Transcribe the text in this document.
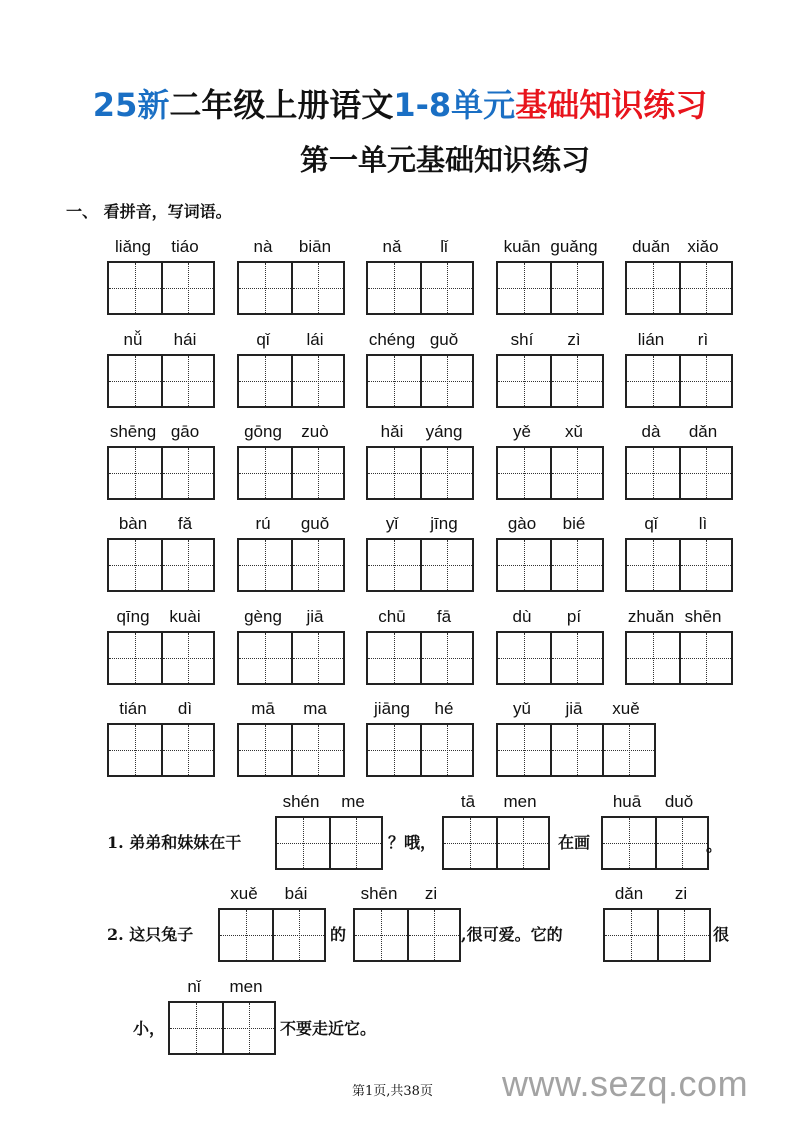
25新二年级上册语文1-8单元基础知识练习
第一单元基础知识练习
一、 看拼音，写词语。
liǎng	tiáo	nà	biān	nǎ	lǐ	kuān guǎng	duǎn	xiǎo
nǚ	hái	qǐ	lái	chéng guǒ	shí	zì	lián	rì
shēng gāo	gōng	zuò	hǎi	yáng	yě	xǔ	dà	dǎn
bàn	fǎ	rú	guǒ	yǐ	jīng	gào	bié	qǐ	lì
qīng	kuài	gèng	jiā	chū	fā	dù	pí	zhuǎn shēn
tián	dì	mā	ma	jiāng	hé	yǔ	jiā	xuě
1. 弟弟和妹妹在干
shén	me
？哦，
tā	men
在画
huā	duǒ
。
2. 这只兔子
xuě	bái
的
shēn	zi
,很可爱。它的
dǎn	zi
很
小，
nǐ	men
不要走近它。
第1页,共38页 www.sezq.com
